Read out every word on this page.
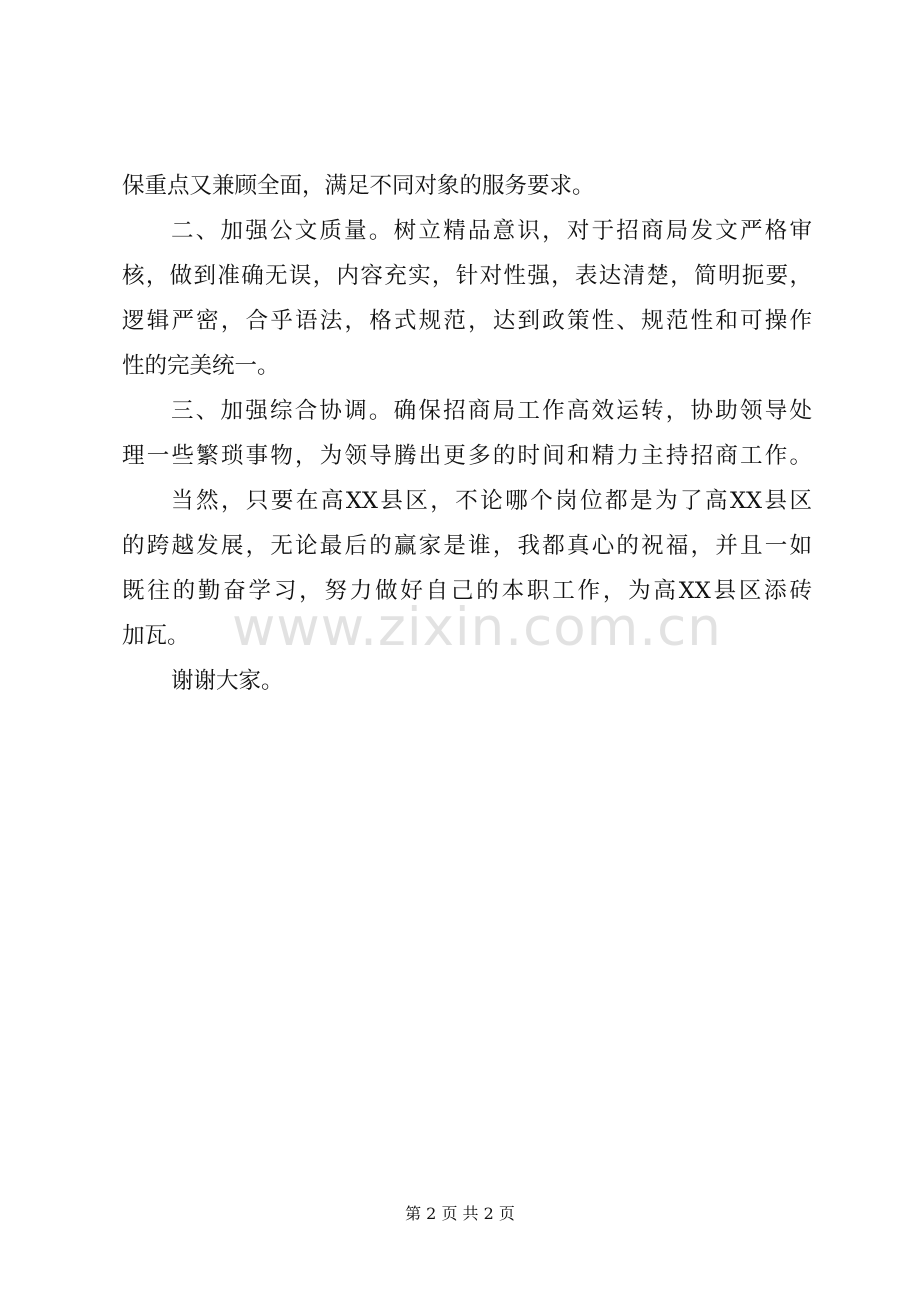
保重点又兼顾全面，满足不同对象的服务要求。
二、加强公文质量。树立精品意识，对于招商局发文严格审
核，做到准确无误，内容充实，针对性强，表达清楚，简明扼要，
逻辑严密，合乎语法，格式规范，达到政策性、规范性和可操作
性的完美统一。
三、加强综合协调。确保招商局工作高效运转，协助领导处
理一些繁琐事物，为领导腾出更多的时间和精力主持招商工作。
当然，只要在高XX县区，不论哪个岗位都是为了高XX县区
的跨越发展，无论最后的赢家是谁，我都真心的祝福，并且一如
既往的勤奋学习，努力做好自己的本职工作，为高XX县区添砖
加瓦。
谢谢大家。
www.zixin.com.cn
第 2 页 共 2 页
